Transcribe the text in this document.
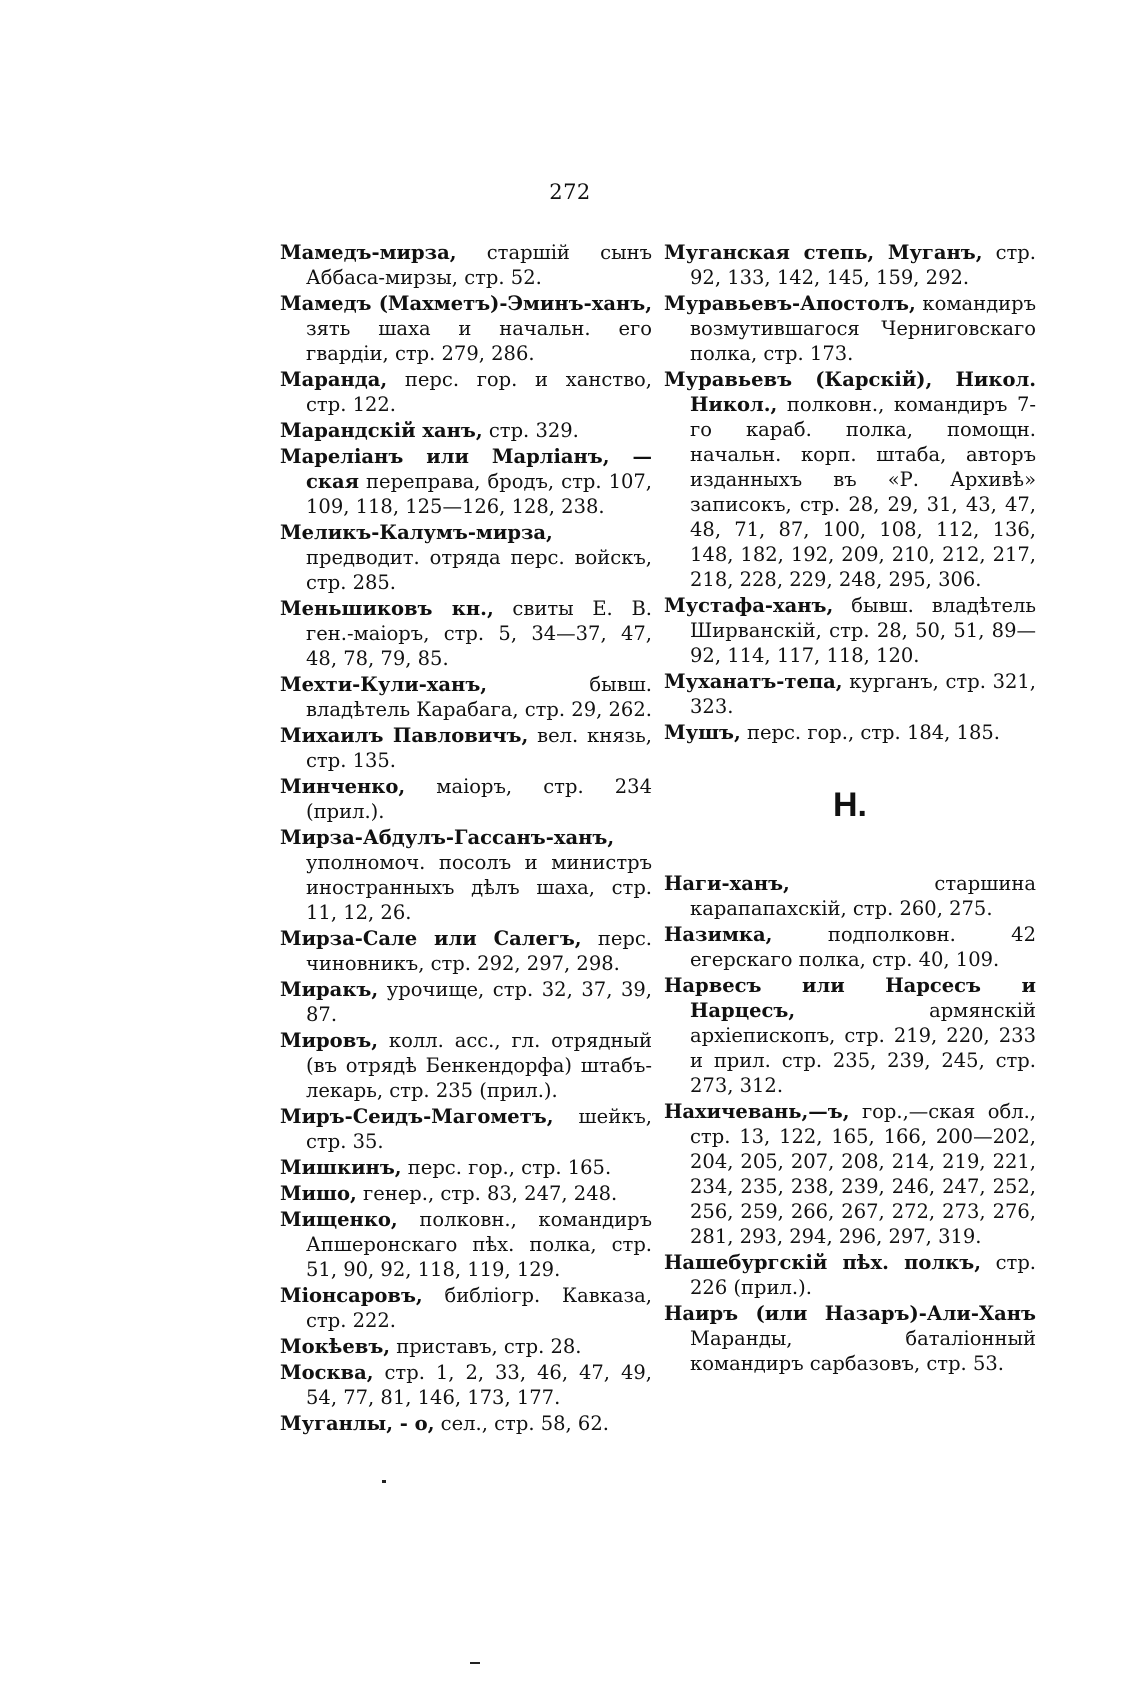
272
Мамедъ-мирза, старшій сынъ Аббаса-мирзы, стр. 52.
Мамедъ (Махметъ)-Эминъ-ханъ, зять шаха и начальн. его гвардіи, стр. 279, 286.
Маранда, перс. гор. и ханство, стр. 122.
Марандскій ханъ, стр. 329.
Мареліанъ или Марліанъ, — ская переправа, бродъ, стр. 107, 109, 118, 125—126, 128, 238.
Меликъ-Калумъ-мирза, предводит. отряда перс. войскъ, стр. 285.
Меньшиковъ кн., свиты Е. В. ген.-маіоръ, стр. 5, 34—37, 47, 48, 78, 79, 85.
Мехти-Кули-ханъ, бывш. владѣтель Карабага, стр. 29, 262.
Михаилъ Павловичъ, вел. князь, стр. 135.
Минченко, маіоръ, стр. 234 (прил.).
Мирза-Абдулъ-Гассанъ-ханъ, уполномоч. посолъ и министръ иностранныхъ дѣлъ шаха, стр. 11, 12, 26.
Мирза-Сале или Салегъ, перс. чиновникъ, стр. 292, 297, 298.
Миракъ, урочище, стр. 32, 37, 39, 87.
Мировъ, колл. асс., гл. отрядный (въ отрядѣ Бенкендорфа) штабъ-лекарь, стр. 235 (прил.).
Миръ-Сеидъ-Магометъ, шейкъ, стр. 35.
Мишкинъ, перс. гор., стр. 165.
Мишо, генер., стр. 83, 247, 248.
Мищенко, полковн., командиръ Апшеронскаго пѣх. полка, стр. 51, 90, 92, 118, 119, 129.
Міонсаровъ, библіогр. Кавказа, стр. 222.
Мокѣевъ, приставъ, стр. 28.
Москва, стр. 1, 2, 33, 46, 47, 49, 54, 77, 81, 146, 173, 177.
Муганлы, - о, сел., стр. 58, 62.
Муганская степь, Муганъ, стр. 92, 133, 142, 145, 159, 292.
Муравьевъ-Апостолъ, командиръ возмутившагося Черниговскаго полка, стр. 173.
Муравьевъ (Карскій), Никол. Никол., полковн., командиръ 7-го караб. полка, помощн. начальн. корп. штаба, авторъ изданныхъ въ «Р. Архивѣ» записокъ, стр. 28, 29, 31, 43, 47, 48, 71, 87, 100, 108, 112, 136, 148, 182, 192, 209, 210, 212, 217, 218, 228, 229, 248, 295, 306.
Мустафа-ханъ, бывш. владѣтель Ширванскій, стр. 28, 50, 51, 89—92, 114, 117, 118, 120.
Муханатъ-тепа, курганъ, стр. 321, 323.
Мушъ, перс. гор., стр. 184, 185.
Н.
Наги-ханъ, старшина карапапахскій, стр. 260, 275.
Назимка, подполковн. 42 егерскаго полка, стр. 40, 109.
Нарвесъ или Нарсесъ и Нарцесъ, армянскій архіепископъ, стр. 219, 220, 233 и прил. стр. 235, 239, 245, стр. 273, 312.
Нахичевань,—ъ, гор.,—ская обл., стр. 13, 122, 165, 166, 200—202, 204, 205, 207, 208, 214, 219, 221, 234, 235, 238, 239, 246, 247, 252, 256, 259, 266, 267, 272, 273, 276, 281, 293, 294, 296, 297, 319.
Нашебургскій пѣх. полкъ, стр. 226 (прил.).
Наиръ (или Назаръ)-Али-Ханъ Маранды, баталіонный командиръ сарбазовъ, стр. 53.
